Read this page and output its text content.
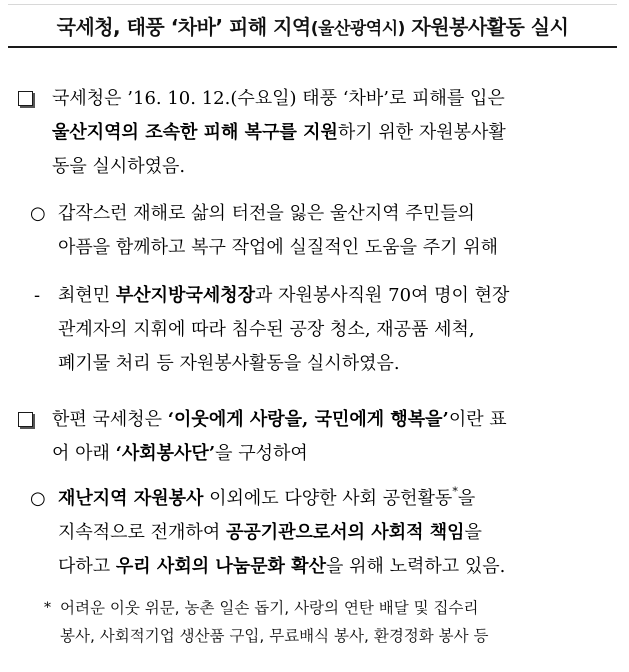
국세청, 태풍 ‘차바’ 피해 지역(울산광역시) 자원봉사활동 실시
국세청은 ’16. 10. 12.(수요일) 태풍 ‘차바’로 피해를 입은
울산지역의 조속한 피해 복구를 지원하기 위한 자원봉사활
동을 실시하였음.
○ 갑작스런 재해로 삶의 터전을 잃은 울산지역 주민들의
아픔을 함께하고 복구 작업에 실질적인 도움을 주기 위해
- 최현민 부산지방국세청장과 자원봉사직원 70여 명이 현장
관계자의 지휘에 따라 침수된 공장 청소, 재공품 세척,
폐기물 처리 등 자원봉사활동을 실시하였음.
한편 국세청은 ‘이웃에게 사랑을, 국민에게 행복을’이란 표
어 아래 ‘사회봉사단’을 구성하여
○ 재난지역 자원봉사 이외에도 다양한 사회 공헌활동*을
지속적으로 전개하여 공공기관으로서의 사회적 책임을
다하고 우리 사회의 나눔문화 확산을 위해 노력하고 있음.
* 어려운 이웃 위문, 농촌 일손 돕기, 사랑의 연탄 배달 및 집수리
봉사, 사회적기업 생산품 구입, 무료배식 봉사, 환경정화 봉사 등
